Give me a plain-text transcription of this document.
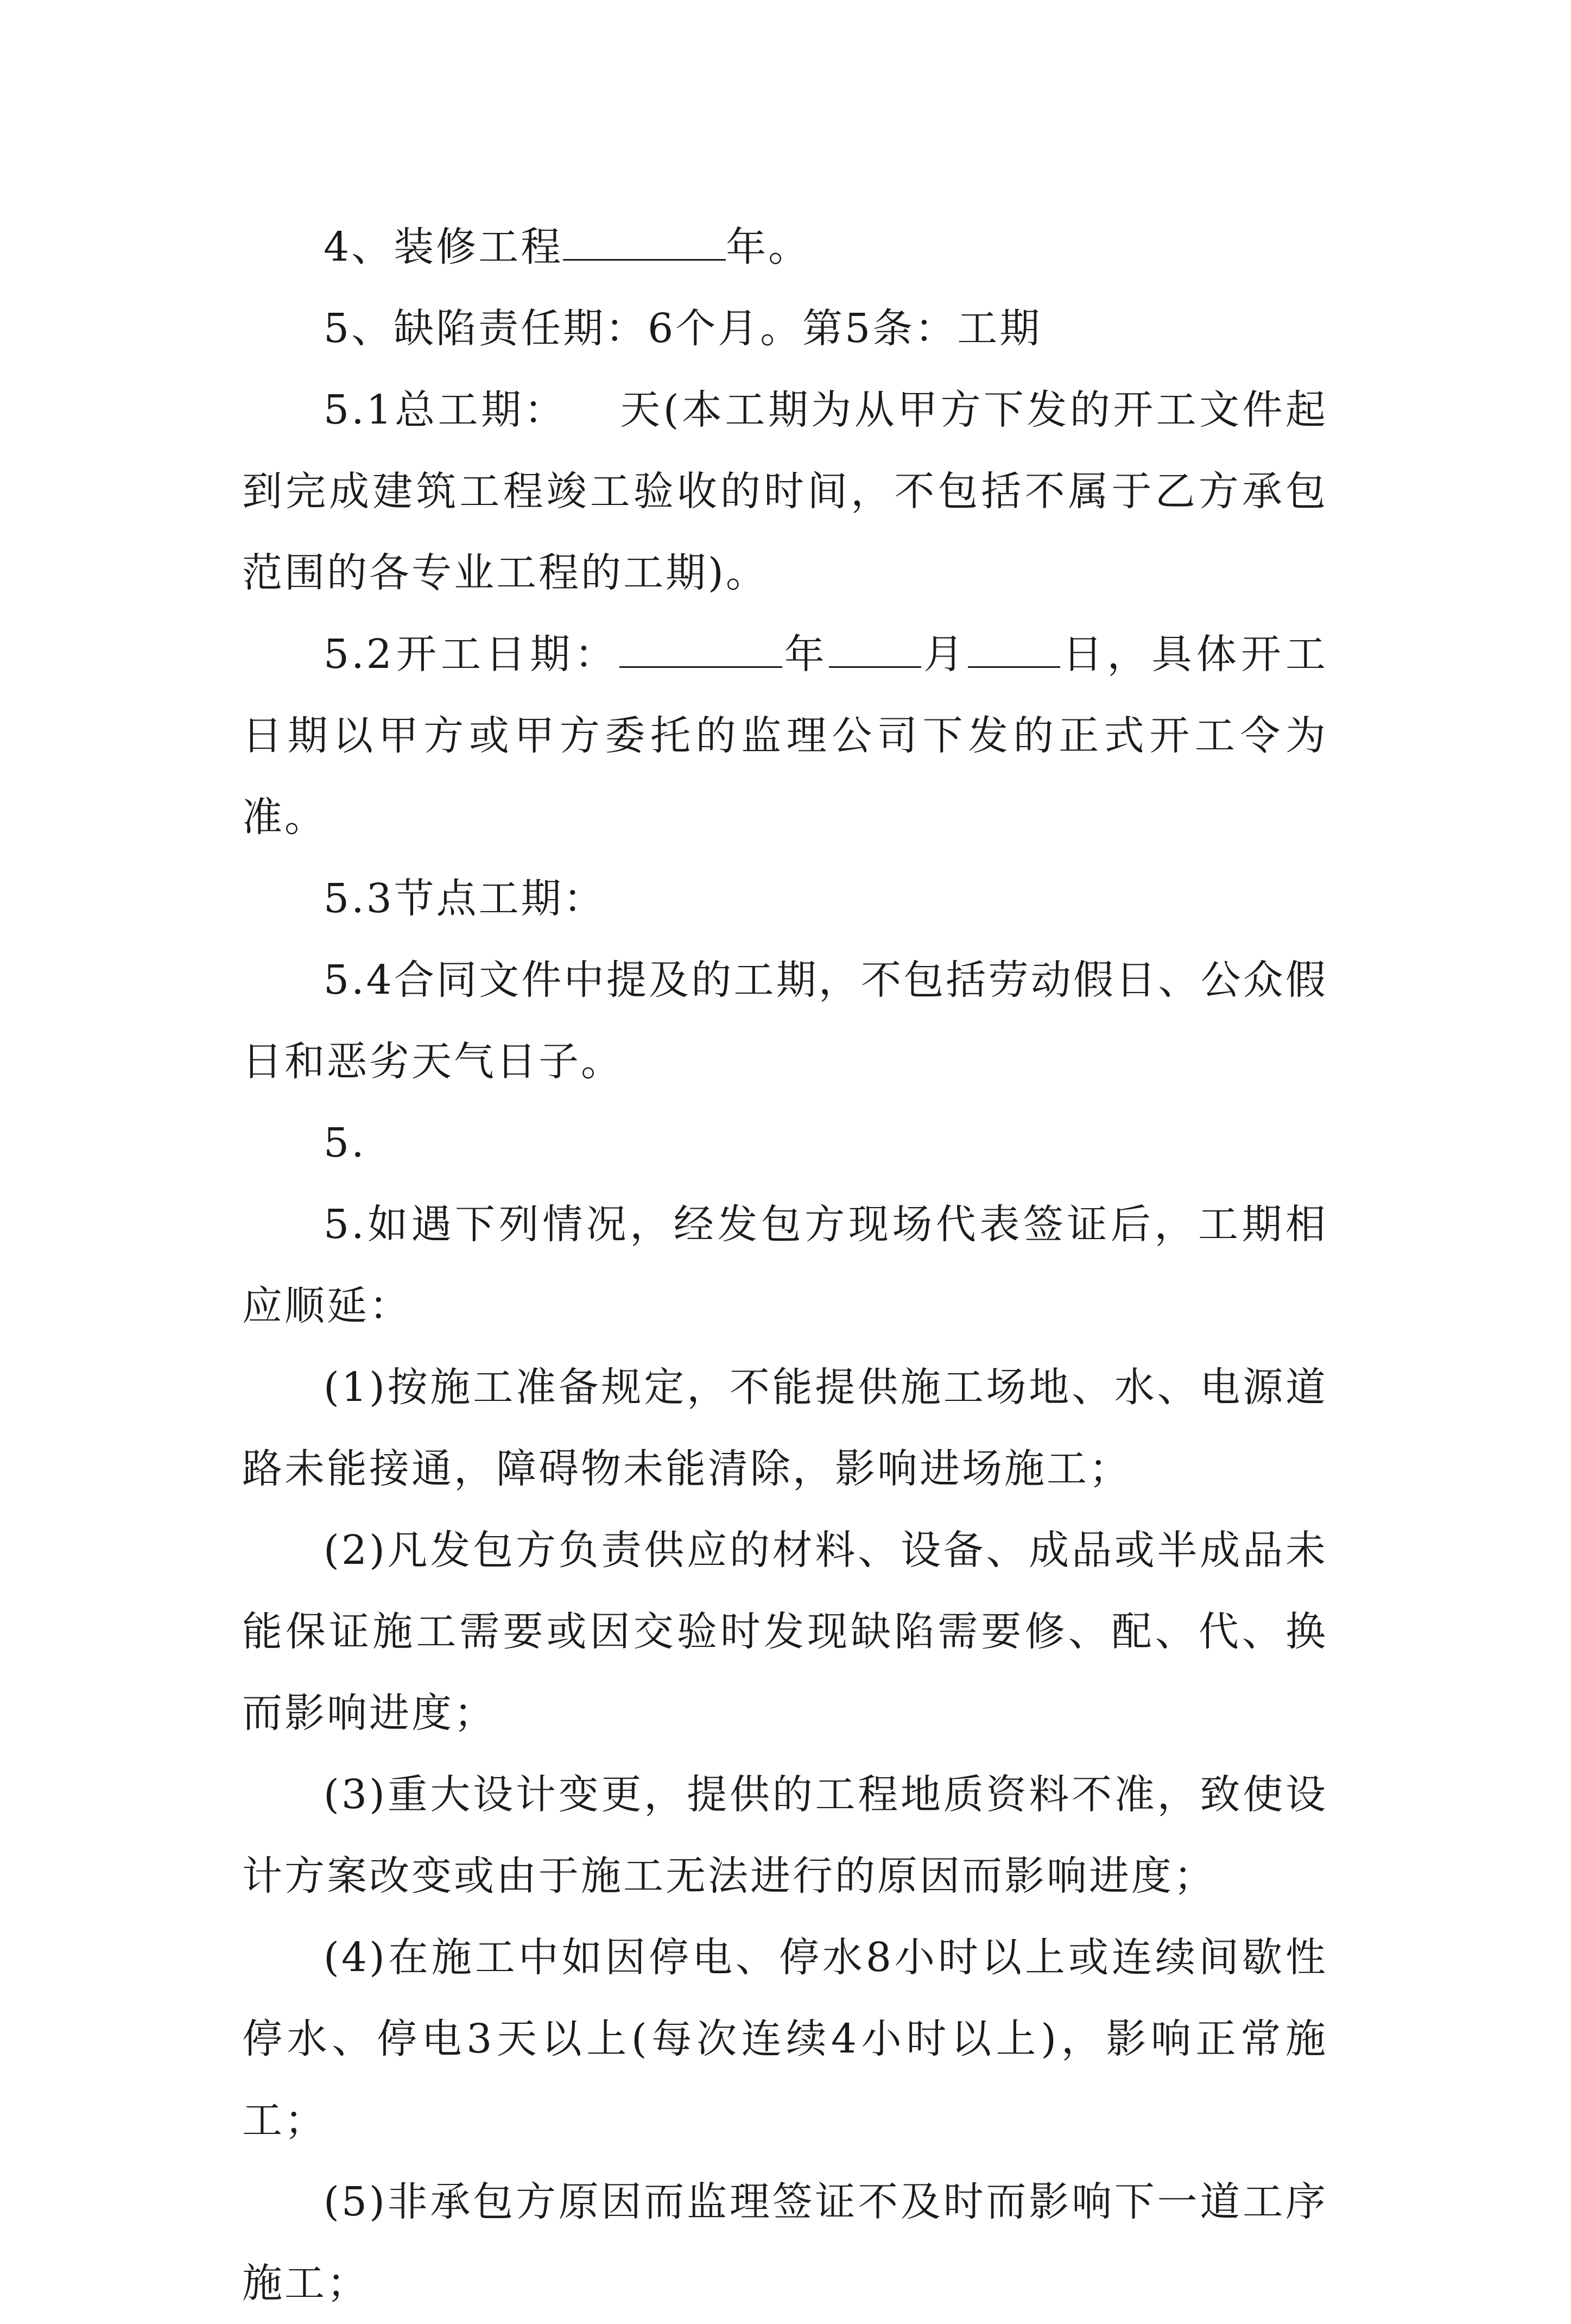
4、装修工程	年。

5、缺陷责任期：6个月。第5条：工期

5.1总工期： 天(本工期为从甲方下发的开工文件起到完成建筑工程竣工验收的时间，不包括不属于乙方承包范围的各专业工程的工期)。

5.2开工日期：	年 月 日，具体开工日期以甲方或甲方委托的监理公司下发的正式开工令为准。

5.3节点工期：

5.4合同文件中提及的工期，不包括劳动假日、公众假日和恶劣天气日子。

5.

5.如遇下列情况，经发包方现场代表签证后，工期相应顺延：

(1)按施工准备规定，不能提供施工场地、水、电源道路未能接通，障碍物未能清除，影响进场施工；

(2)凡发包方负责供应的材料、设备、成品或半成品未能保证施工需要或因交验时发现缺陷需要修、配、代、换而影响进度；

(3)重大设计变更，提供的工程地质资料不准，致使设计方案改变或由于施工无法进行的原因而影响进度；

(4)在施工中如因停电、停水8小时以上或连续间歇性停水、停电3天以上(每次连续4小时以上)，影响正常施工；

(5)非承包方原因而监理签证不及时而影响下一道工序施工；
